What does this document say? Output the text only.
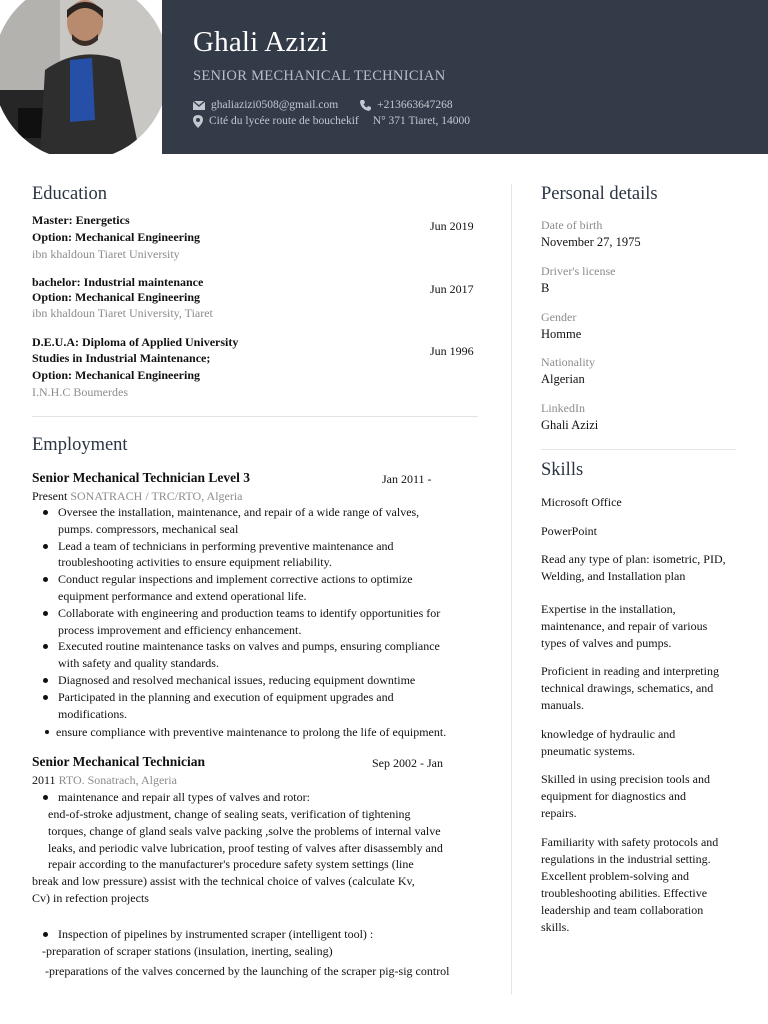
Ghali Azizi
SENIOR MECHANICAL TECHNICIAN
ghaliazizi0508@gmail.com	+213663647268
Cité du lycée route de bouchekif N° 371 Tiaret, 14000
Education
Master: Energetics
Option: Mechanical Engineering
ibn khaldoun Tiaret University
Jun 2019
bachelor: Industrial maintenance
Option: Mechanical Engineering
ibn khaldoun Tiaret University, Tiaret
Jun 2017
D.E.U.A: Diploma of Applied University
Studies in Industrial Maintenance;
Option: Mechanical Engineering
I.N.H.C Boumerdes
Jun 1996
Employment
Senior Mechanical Technician Level 3	Jan 2011 -
Present SONATRACH / TRC/RTO, Algeria
Oversee the installation, maintenance, and repair of a wide range of valves,
pumps. compressors, mechanical seal
Lead a team of technicians in performing preventive maintenance and
troubleshooting activities to ensure equipment reliability.
Conduct regular inspections and implement corrective actions to optimize
equipment performance and extend operational life.
Collaborate with engineering and production teams to identify opportunities for
process improvement and efficiency enhancement.
Executed routine maintenance tasks on valves and pumps, ensuring compliance
with safety and quality standards.
Diagnosed and resolved mechanical issues, reducing equipment downtime
Participated in the planning and execution of equipment upgrades and
modifications.
ensure compliance with preventive maintenance to prolong the life of equipment.
Senior Mechanical Technician	Sep 2002 - Jan
2011 RTO. Sonatrach, Algeria
maintenance and repair all types of valves and rotor:
end-of-stroke adjustment, change of sealing seats, verification of tightening
torques, change of gland seals valve packing ,solve the problems of internal valve
leaks, and periodic valve lubrication, proof testing of valves after disassembly and
repair according to the manufacturer's procedure safety system settings (line
break and low pressure) assist with the technical choice of valves (calculate Kv,
Cv) in refection projects
Inspection of pipelines by instrumented scraper (intelligent tool) :
-preparation of scraper stations (insulation, inerting, sealing)
-preparations of the valves concerned by the launching of the scraper pig-sig control
Personal details
Date of birth
November 27, 1975
Driver's license
B
Gender
Homme
Nationality
Algerian
LinkedIn
Ghali Azizi
Skills
Microsoft Office
PowerPoint
Read any type of plan: isometric, PID,
Welding, and Installation plan
Expertise in the installation,
maintenance, and repair of various
types of valves and pumps.
Proficient in reading and interpreting
technical drawings, schematics, and
manuals.
knowledge of hydraulic and
pneumatic systems.
Skilled in using precision tools and
equipment for diagnostics and
repairs.
Familiarity with safety protocols and
regulations in the industrial setting.
Excellent problem-solving and
troubleshooting abilities. Effective
leadership and team collaboration
skills.
